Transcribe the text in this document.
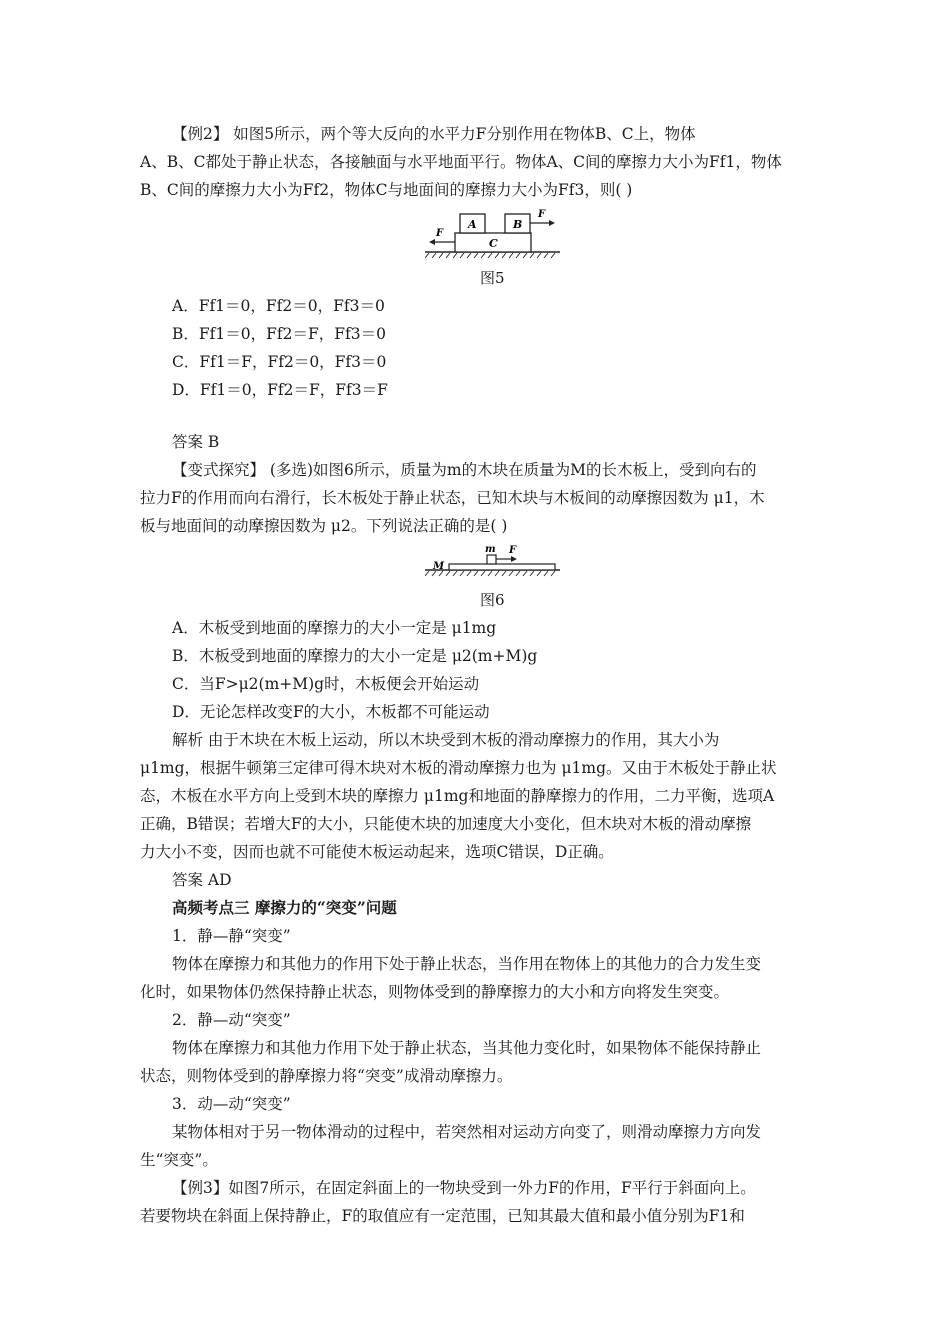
【例2】 如图5所示，两个等大反向的水平力F分别作用在物体B、C上，物体
A、B、C都处于静止状态，各接触面与水平地面平行。物体A、C间的摩擦力大小为Ff1，物体
B、C间的摩擦力大小为Ff2，物体C与地面间的摩擦力大小为Ff3，则( )
A	B
C
F
F
图5
A．Ff1＝0，Ff2＝0，Ff3＝0
B．Ff1＝0，Ff2＝F，Ff3＝0
C．Ff1＝F，Ff2＝0，Ff3＝0
D．Ff1＝0，Ff2＝F，Ff3＝F
答案 B
【变式探究】 (多选)如图6所示，质量为m的木块在质量为M的长木板上，受到向右的
拉力F的作用而向右滑行，长木板处于静止状态，已知木块与木板间的动摩擦因数为 μ1，木
板与地面间的动摩擦因数为 μ2。下列说法正确的是( )
M
m F
图6
A．木板受到地面的摩擦力的大小一定是 μ1mg
B．木板受到地面的摩擦力的大小一定是 μ2(m+M)g
C．当F>μ2(m+M)g时，木板便会开始运动
D．无论怎样改变F的大小，木板都不可能运动
解析 由于木块在木板上运动，所以木块受到木板的滑动摩擦力的作用，其大小为
μ1mg，根据牛顿第三定律可得木块对木板的滑动摩擦力也为 μ1mg。又由于木板处于静止状
态，木板在水平方向上受到木块的摩擦力 μ1mg和地面的静摩擦力的作用，二力平衡，选项A
正确，B错误；若增大F的大小，只能使木块的加速度大小变化，但木块对木板的滑动摩擦
力大小不变，因而也就不可能使木板运动起来，选项C错误，D正确。
答案 AD
高频考点三 摩擦力的“突变”问题
1．静—静“突变”
物体在摩擦力和其他力的作用下处于静止状态，当作用在物体上的其他力的合力发生变
化时，如果物体仍然保持静止状态，则物体受到的静摩擦力的大小和方向将发生突变。
2．静—动“突变”
物体在摩擦力和其他力作用下处于静止状态，当其他力变化时，如果物体不能保持静止
状态，则物体受到的静摩擦力将“突变”成滑动摩擦力。
3．动—动“突变”
某物体相对于另一物体滑动的过程中，若突然相对运动方向变了，则滑动摩擦力方向发
生“突变”。
【例3】如图7所示，在固定斜面上的一物块受到一外力F的作用，F平行于斜面向上。
若要物块在斜面上保持静止，F的取值应有一定范围，已知其最大值和最小值分别为F1和
